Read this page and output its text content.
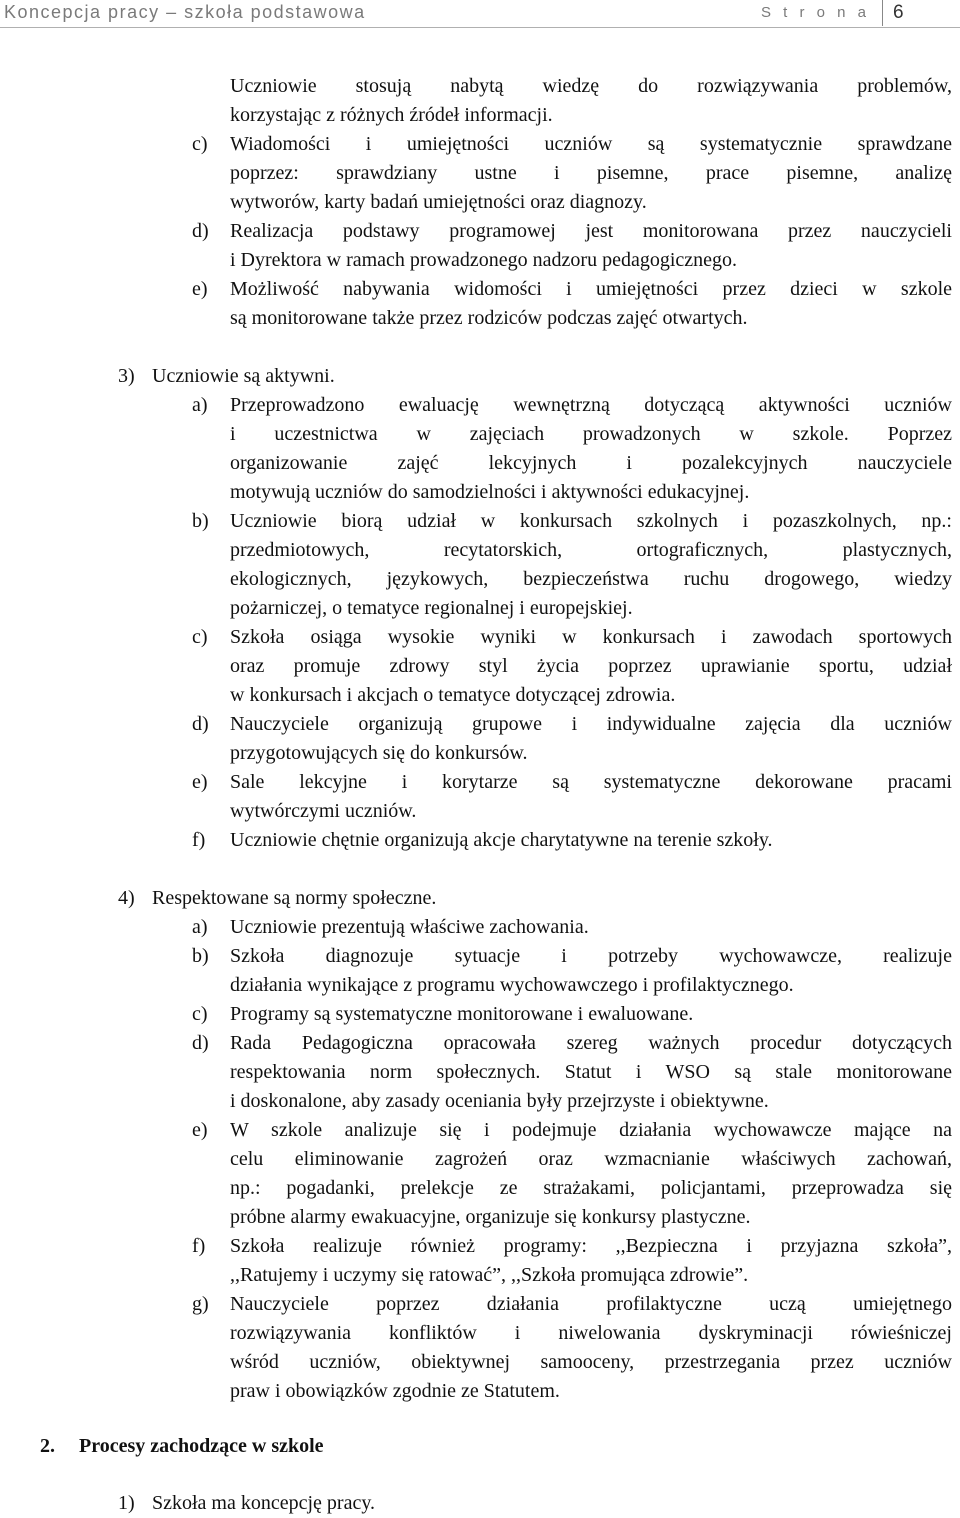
Koncepcja pracy – szkoła podstawowa	S t r o n a	6
Uczniowie stosują nabytą wiedzę do rozwiązywania problemów,
korzystając z różnych źródeł informacji.
c) Wiadomości i umiejętności uczniów są systematycznie sprawdzane
poprzez: sprawdziany ustne i pisemne, prace pisemne, analizę
wytworów, karty badań umiejętności oraz diagnozy.
d) Realizacja podstawy programowej jest monitorowana przez nauczycieli
i Dyrektora w ramach prowadzonego nadzoru pedagogicznego.
e) Możliwość nabywania widomości i umiejętności przez dzieci w szkole
są monitorowane także przez rodziców podczas zajęć otwartych.
3) Uczniowie są aktywni.
a) Przeprowadzono ewaluację wewnętrzną dotyczącą aktywności uczniów
i uczestnictwa w zajęciach prowadzonych w szkole. Poprzez
organizowanie zajęć lekcyjnych i pozalekcyjnych nauczyciele
motywują uczniów do samodzielności i aktywności edukacyjnej.
b) Uczniowie biorą udział w konkursach szkolnych i pozaszkolnych, np.:
przedmiotowych, recytatorskich, ortograficznych, plastycznych,
ekologicznych, językowych, bezpieczeństwa ruchu drogowego, wiedzy
pożarniczej, o tematyce regionalnej i europejskiej.
c) Szkoła osiąga wysokie wyniki w konkursach i zawodach sportowych
oraz promuje zdrowy styl życia poprzez uprawianie sportu, udział
w konkursach i akcjach o tematyce dotyczącej zdrowia.
d) Nauczyciele organizują grupowe i indywidualne zajęcia dla uczniów
przygotowujących się do konkursów.
e) Sale lekcyjne i korytarze są systematyczne dekorowane pracami
wytwórczymi uczniów.
f) Uczniowie chętnie organizują akcje charytatywne na terenie szkoły.
4) Respektowane są normy społeczne.
a) Uczniowie prezentują właściwe zachowania.
b) Szkoła diagnozuje sytuacje i potrzeby wychowawcze, realizuje
działania wynikające z programu wychowawczego i profilaktycznego.
c) Programy są systematyczne monitorowane i ewaluowane.
d) Rada Pedagogiczna opracowała szereg ważnych procedur dotyczących
respektowania norm społecznych. Statut i WSO są stale monitorowane
i doskonalone, aby zasady oceniania były przejrzyste i obiektywne.
e) W szkole analizuje się i podejmuje działania wychowawcze mające na
celu eliminowanie zagrożeń oraz wzmacnianie właściwych zachowań,
np.: pogadanki, prelekcje ze strażakami, policjantami, przeprowadza się
próbne alarmy ewakuacyjne, organizuje się konkursy plastyczne.
f) Szkoła realizuje również programy: ,,Bezpieczna i przyjazna szkoła”,
,,Ratujemy i uczymy się ratować”, ,,Szkoła promująca zdrowie”.
g) Nauczyciele poprzez działania profilaktyczne uczą umiejętnego
rozwiązywania konfliktów i niwelowania dyskryminacji rówieśniczej
wśród uczniów, obiektywnej samooceny, przestrzegania przez uczniów
praw i obowiązków zgodnie ze Statutem.
2. Procesy zachodzące w szkole
1) Szkoła ma koncepcję pracy.
